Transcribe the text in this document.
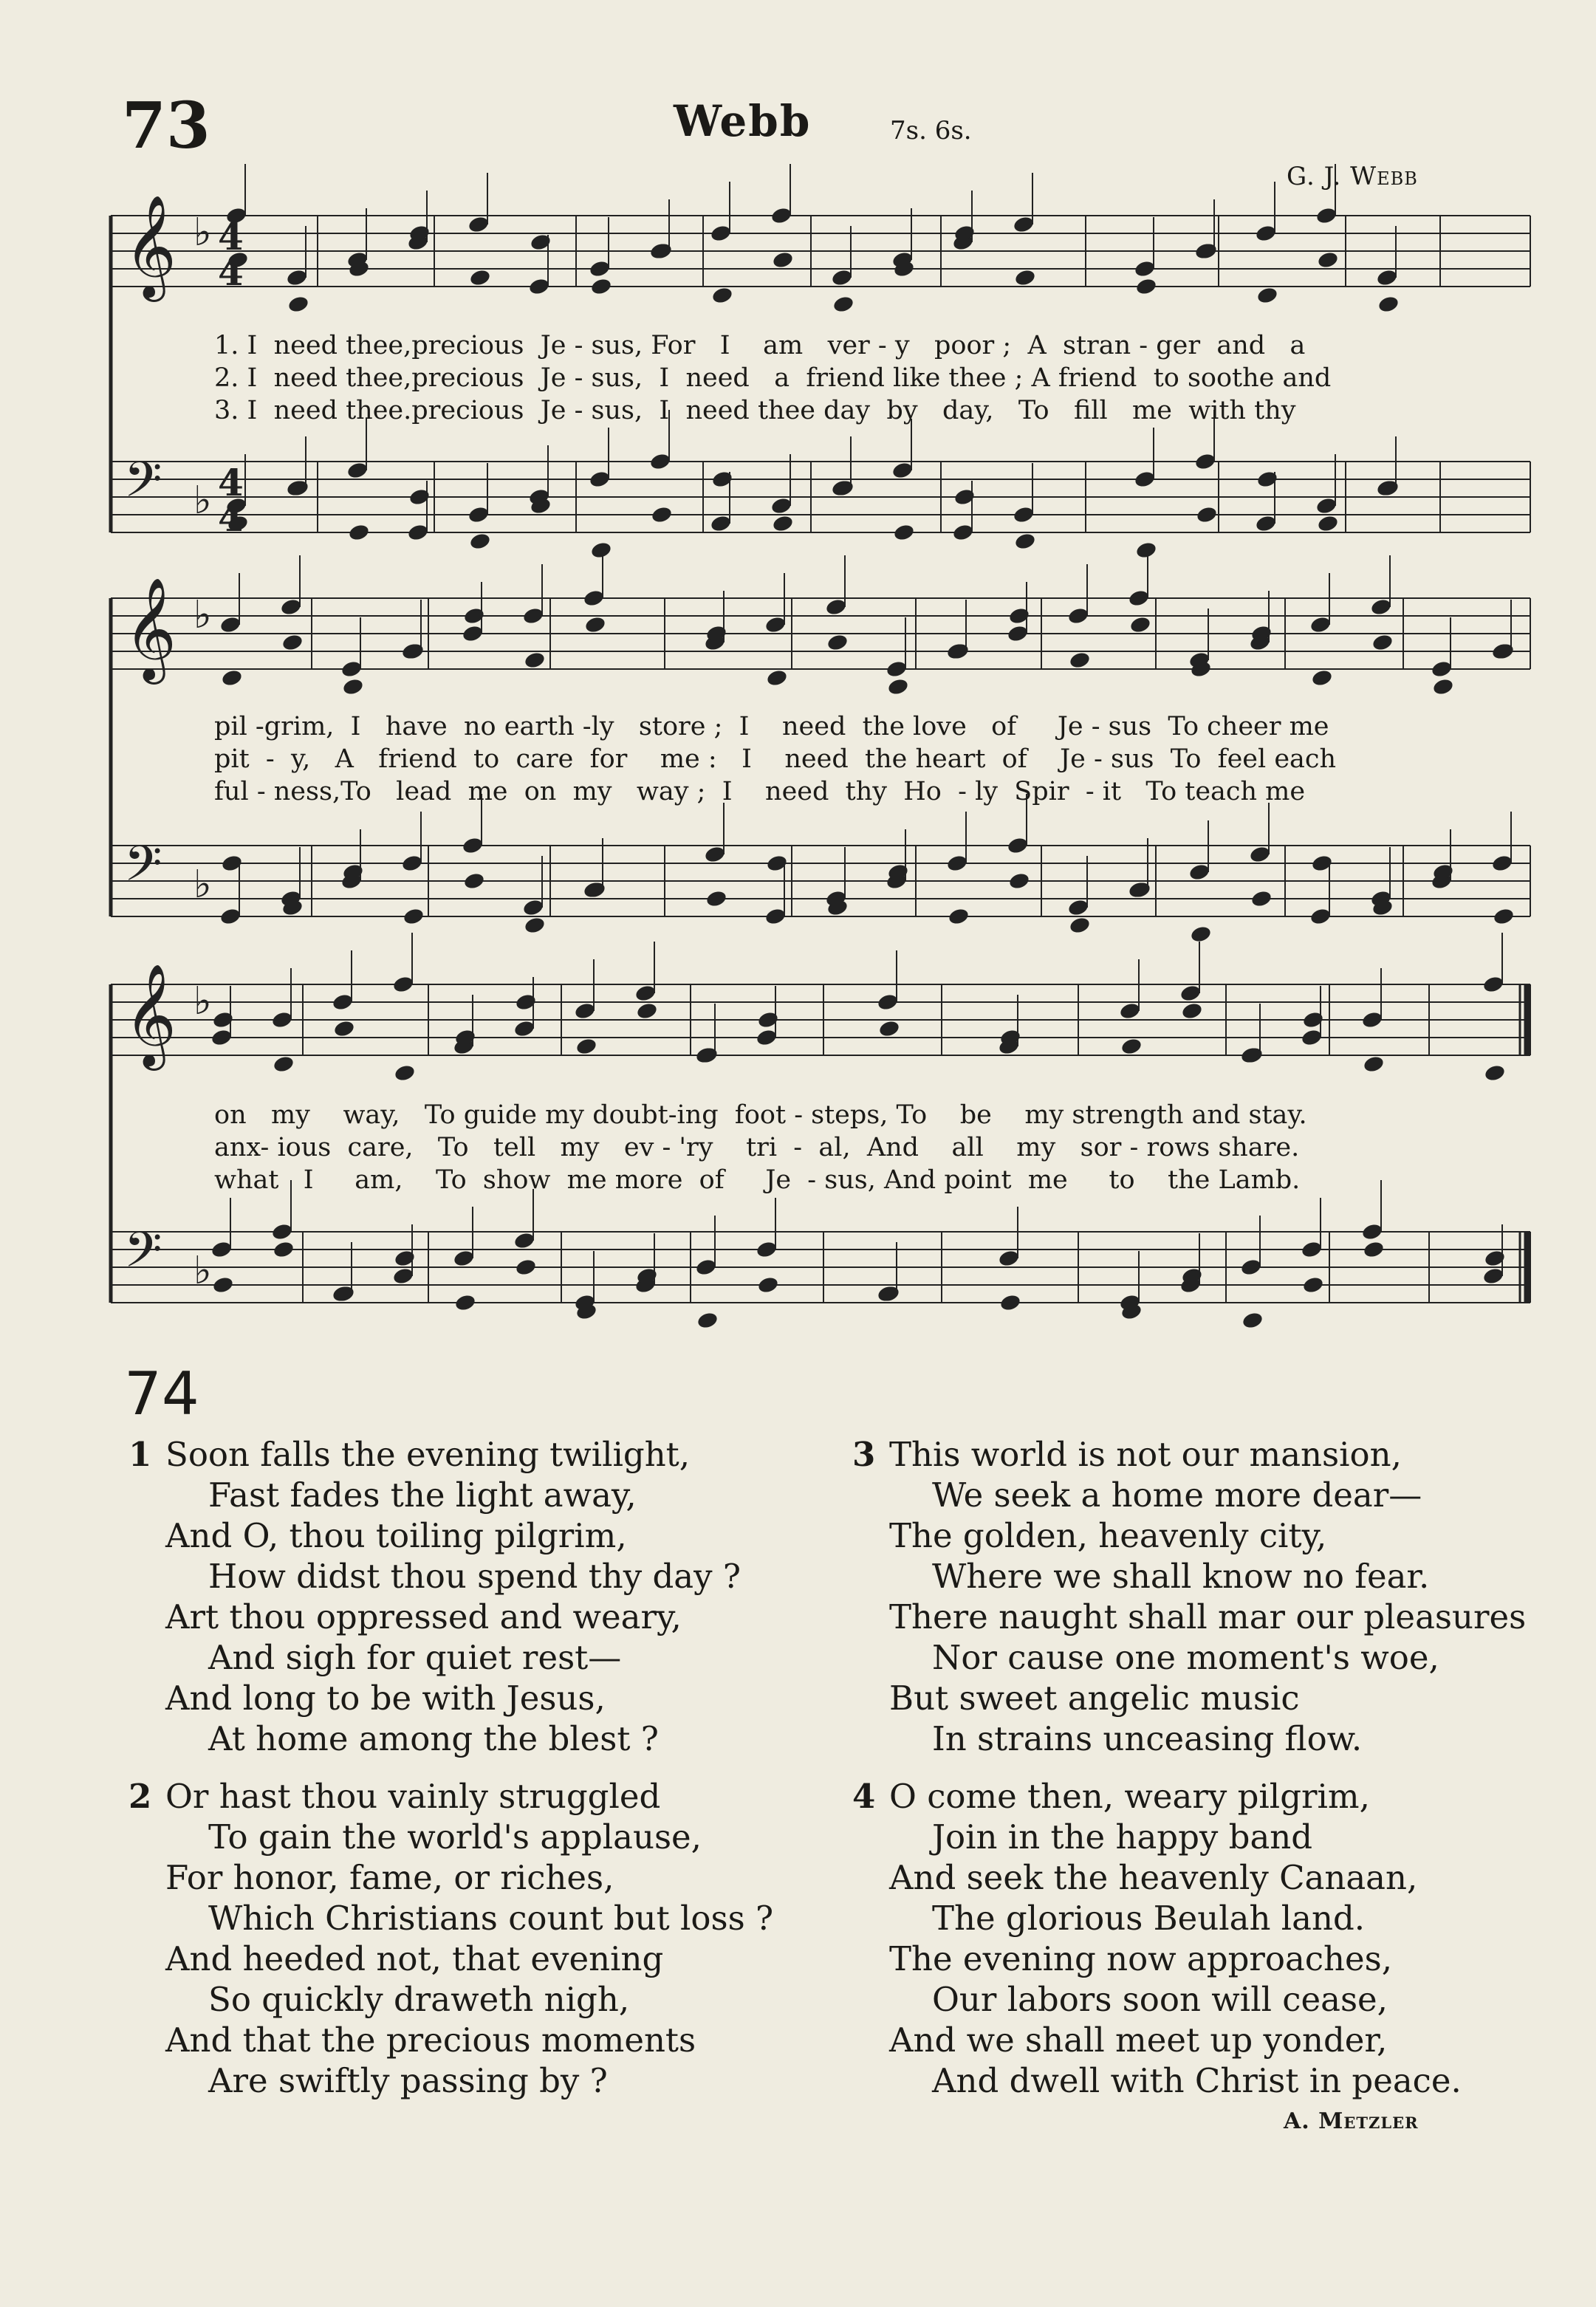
73	Webb	7s. 6s.
G. J. Webb
𝄞 ♭
𝄢 ♭
𝄞 ♭
𝄢 ♭
𝄞 ♭
𝄢 ♭
4
4
4
4
1. I  need thee,precious  Je - sus, For   I    am   ver - y   poor ;  A  stran - ger  and   a
2. I  need thee,precious  Je - sus,  I  need   a  friend like thee ; A friend  to soothe and
3. I  need thee.precious  Je - sus,  I  need thee day  by   day,   To   fill   me  with thy
pil -grim,  I   have  no earth -ly   store ;  I    need  the love   of     Je - sus  To cheer me
pit  -  y,   A   friend  to  care  for    me :   I    need  the heart  of    Je - sus  To  feel each
ful - ness,To   lead  me  on  my   way ;  I    need  thy  Ho  - ly  Spir  - it   To teach me
on   my    way,   To guide my doubt-ing  foot - steps, To    be    my strength and stay.
anx- ious  care,   To   tell   my   ev - 'ry    tri  -  al,  And    all    my   sor - rows share.
what   I     am,    To  show  me more  of     Je  - sus, And point  me     to    the Lamb.
74
1 Soon falls the evening twilight,
Fast fades the light away,
And O, thou toiling pilgrim,
How didst thou spend thy day ?
Art thou oppressed and weary,
And sigh for quiet rest—
And long to be with Jesus,
At home among the blest ?
2 Or hast thou vainly struggled
To gain the world's applause,
For honor, fame, or riches,
Which Christians count but loss ?
And heeded not, that evening
So quickly draweth nigh,
And that the precious moments
Are swiftly passing by ?
3 This world is not our mansion,
We seek a home more dear—
The golden, heavenly city,
Where we shall know no fear.
There naught shall mar our pleasures
Nor cause one moment's woe,
But sweet angelic music
In strains unceasing flow.
4 O come then, weary pilgrim,
Join in the happy band
And seek the heavenly Canaan,
The glorious Beulah land.
The evening now approaches,
Our labors soon will cease,
And we shall meet up yonder,
And dwell with Christ in peace.
A. Metzler
